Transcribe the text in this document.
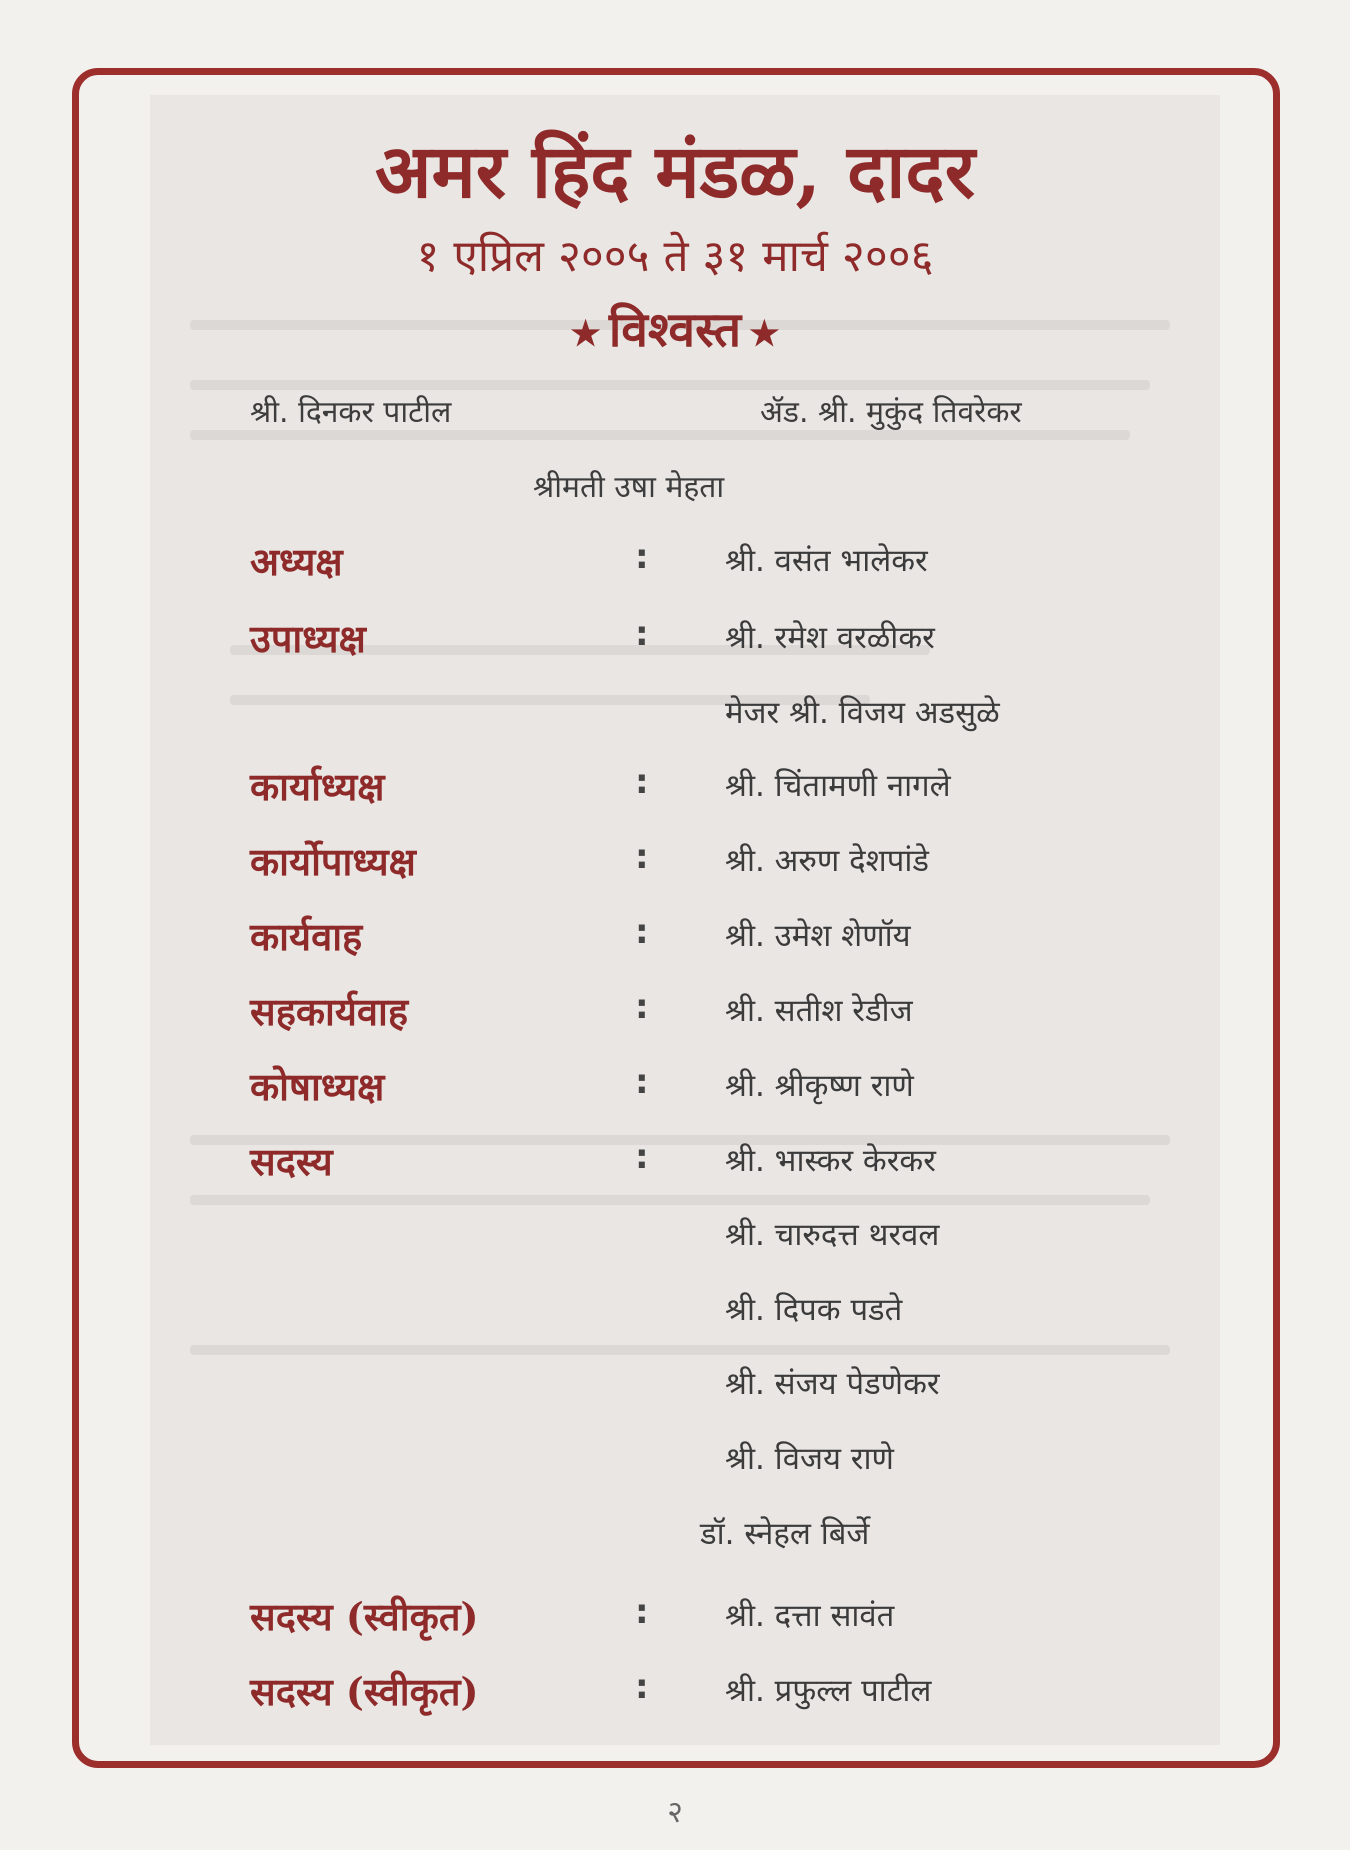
अमर हिंद मंडळ, दादर
१ एप्रिल २००५ ते ३१ मार्च २००६
★ विश्वस्त ★
श्री. दिनकर पाटील	ॲड. श्री. मुकुंद तिवरेकर
श्रीमती उषा मेहता
अध्यक्ष	: श्री. वसंत भालेकर
उपाध्यक्ष	: श्री. रमेश वरळीकर
मेजर श्री. विजय अडसुळे
कार्याध्यक्ष	: श्री. चिंतामणी नागले
कार्योपाध्यक्ष	: श्री. अरुण देशपांडे
कार्यवाह	: श्री. उमेश शेणॉय
सहकार्यवाह	: श्री. सतीश रेडीज
कोषाध्यक्ष	: श्री. श्रीकृष्ण राणे
सदस्य	: श्री. भास्कर केरकर
श्री. चारुदत्त थरवल
श्री. दिपक पडते
श्री. संजय पेडणेकर
श्री. विजय राणे
डॉ. स्नेहल बिर्जे
सदस्य (स्वीकृत)	: श्री. दत्ता सावंत
सदस्य (स्वीकृत)	: श्री. प्रफुल्ल पाटील
२
